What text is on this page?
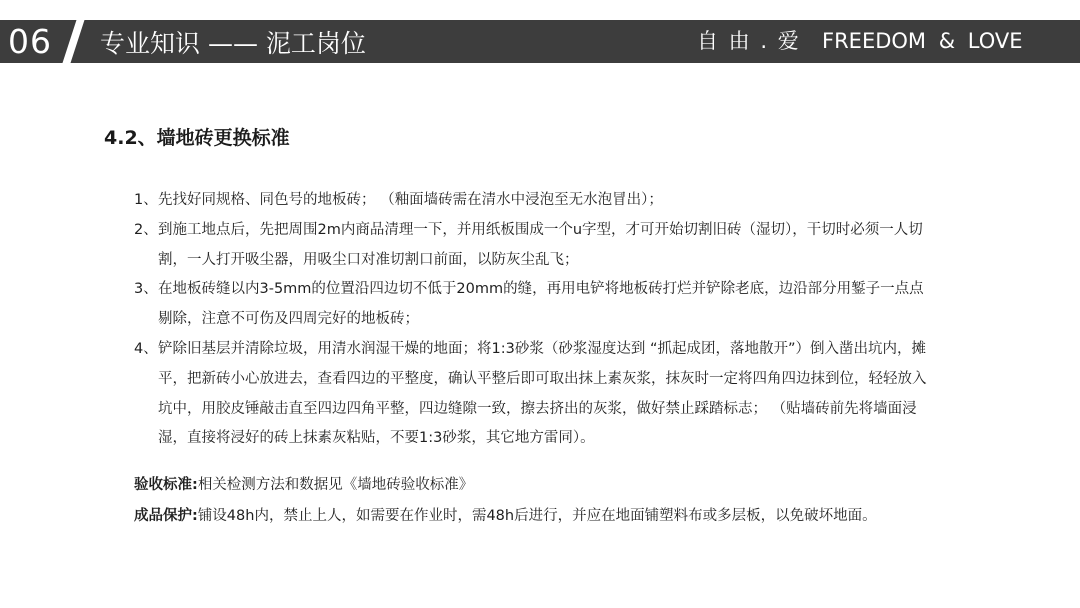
06 专业知识 —— 泥工岗位	自 由 . 爱 FREEDOM & LOVE
4.2、墙地砖更换标准
1、 先找好同规格、同色号的地板砖； （釉面墙砖需在清水中浸泡至无水泡冒出）；
2、 到施工地点后，先把周围2m内商品清理一下，并用纸板围成一个u字型，才可开始切割旧砖（湿切），干切时必须一人切割，一人打开吸尘器，用吸尘口对准切割口前面，以防灰尘乱飞；
3、 在地板砖缝以内3-5mm的位置沿四边切不低于20mm的缝，再用电铲将地板砖打烂并铲除老底，边沿部分用錾子一点点剔除，注意不可伤及四周完好的地板砖；
4、 铲除旧基层并清除垃圾，用清水润湿干燥的地面；将1:3砂浆（砂浆湿度达到 “抓起成团，落地散开”）倒入凿出坑内，摊平，把新砖小心放进去，查看四边的平整度，确认平整后即可取出抹上素灰浆，抹灰时一定将四角四边抹到位，轻轻放入坑中，用胶皮锤敲击直至四边四角平整，四边缝隙一致，擦去挤出的灰浆，做好禁止踩踏标志； （贴墙砖前先将墙面浸湿，直接将浸好的砖上抹素灰粘贴，不要1:3砂浆，其它地方雷同）。
验收标准:相关检测方法和数据见《墙地砖验收标准》
成品保护:铺设48h内，禁止上人，如需要在作业时，需48h后进行，并应在地面铺塑料布或多层板，以免破坏地面。
